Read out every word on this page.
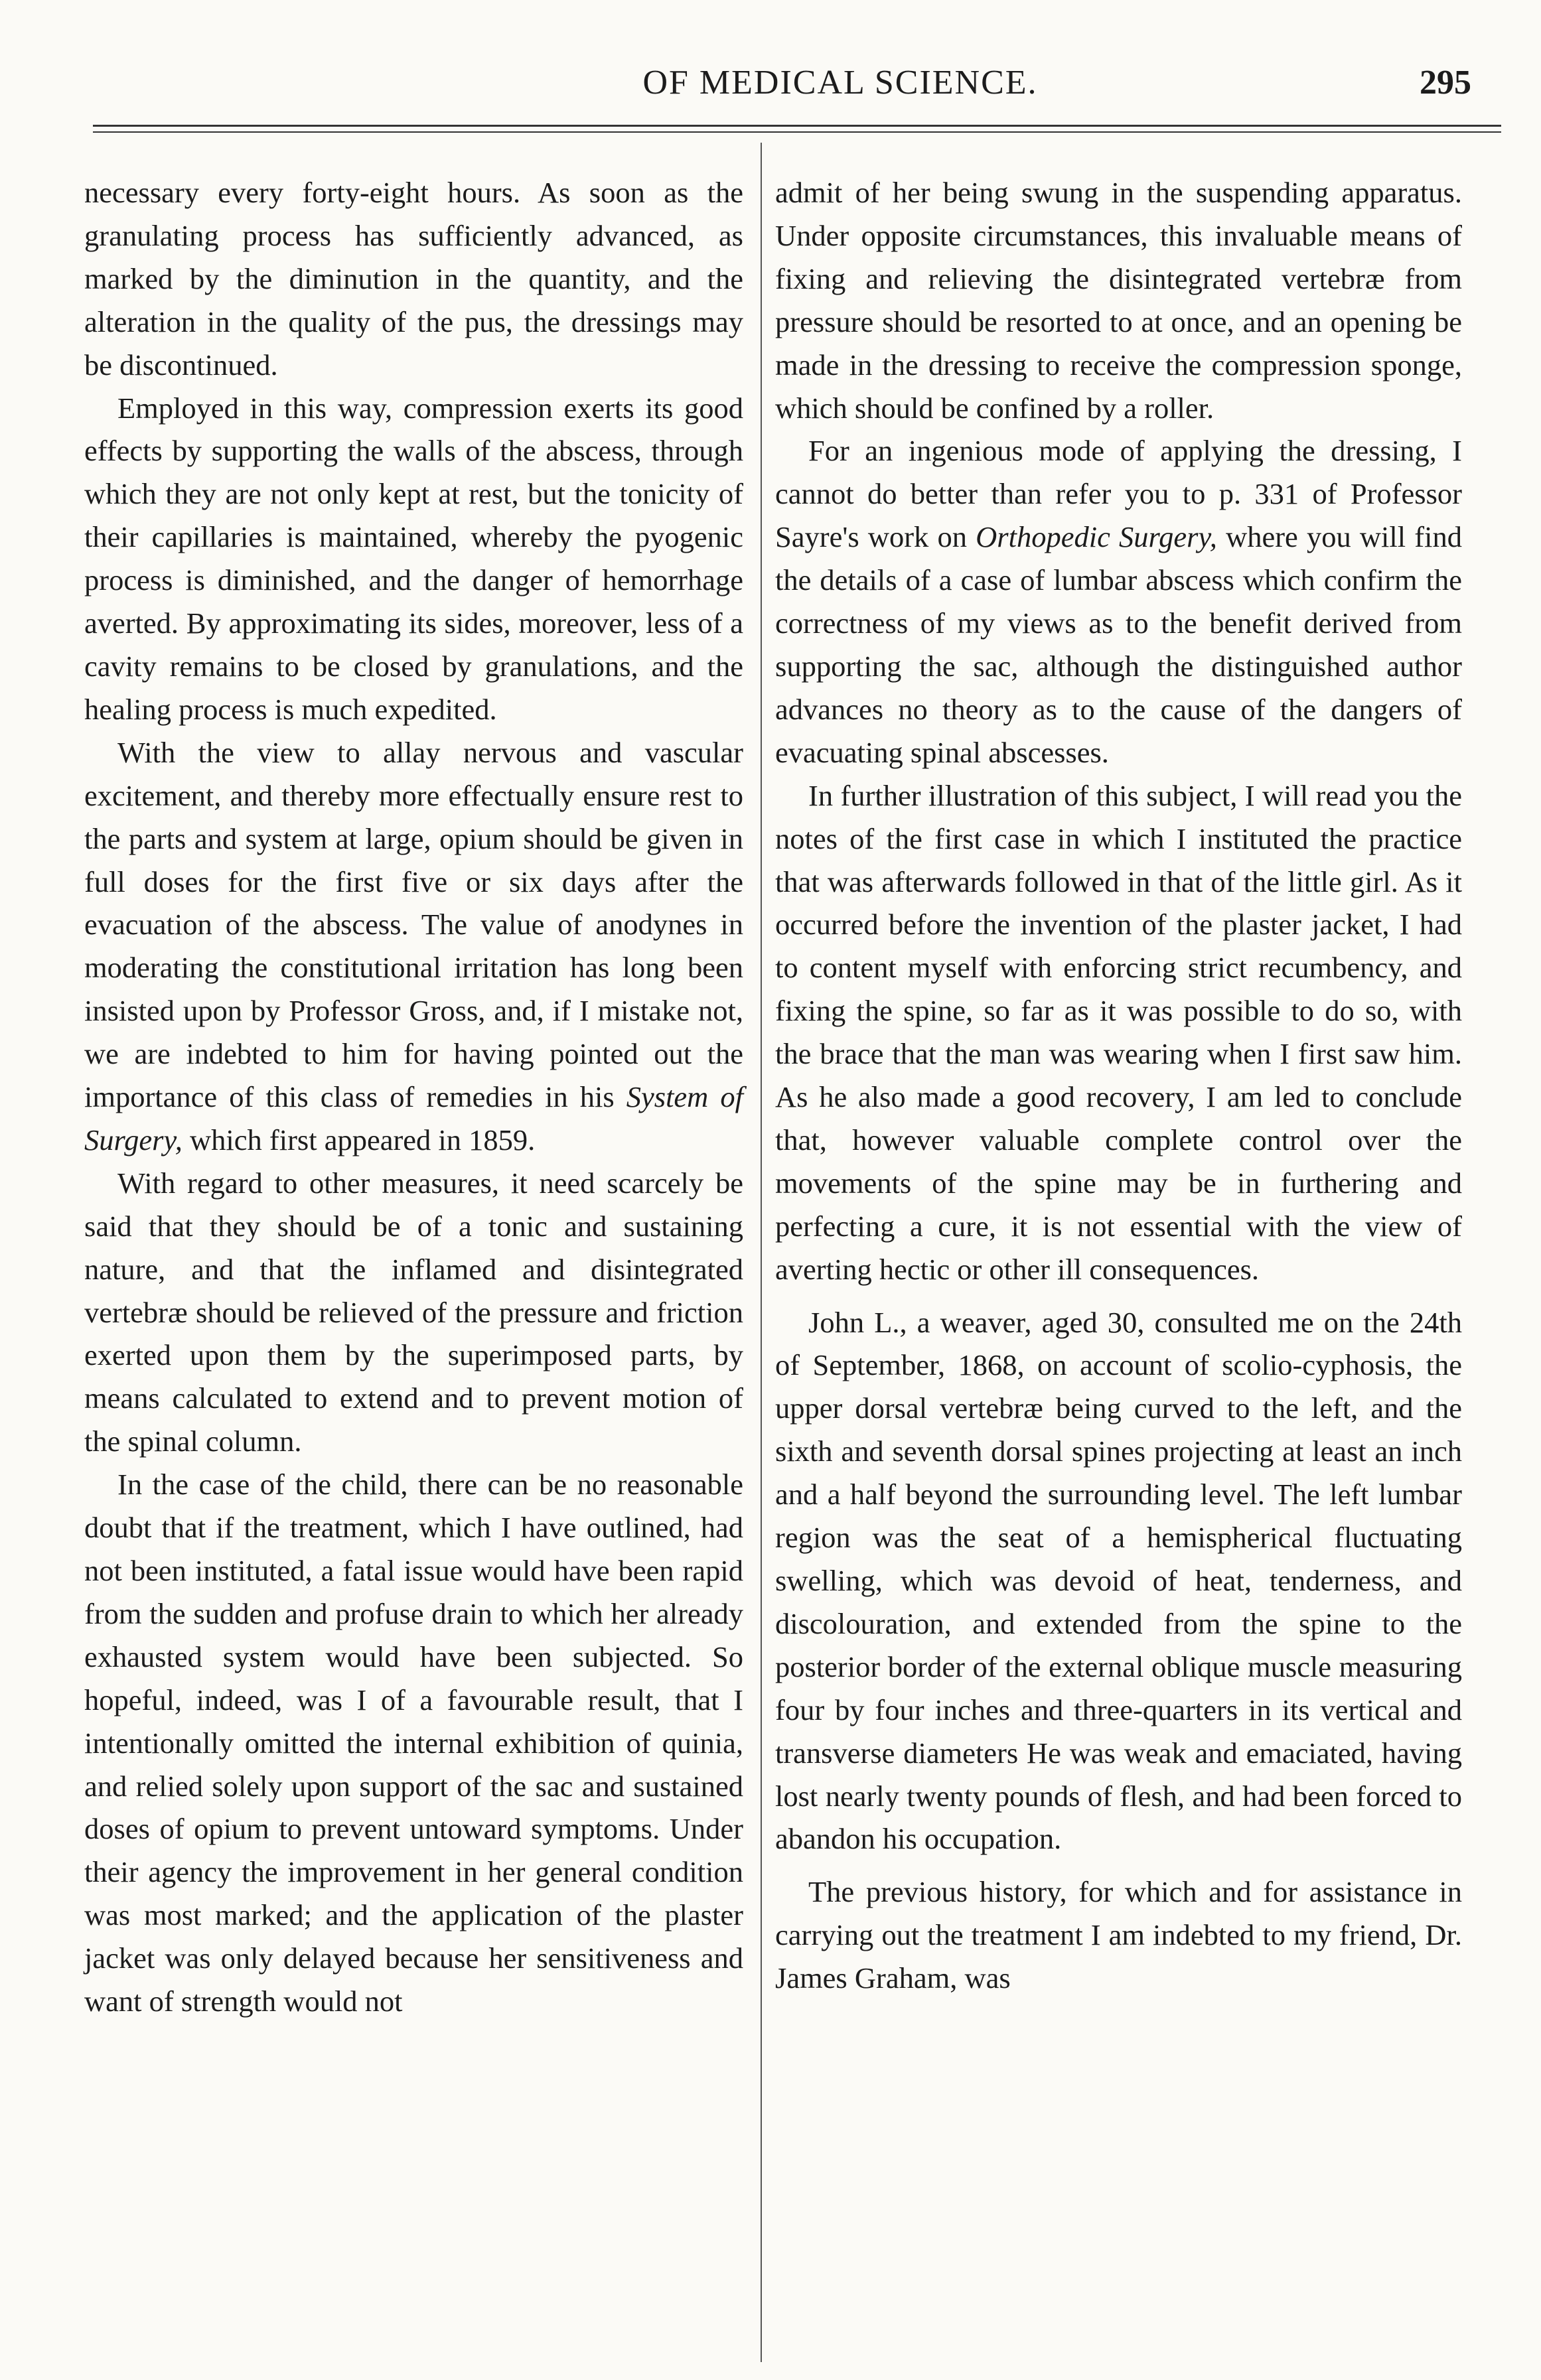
OF MEDICAL SCIENCE.	295

necessary every forty-eight hours. As soon as the granulating process has sufficiently advanced, as marked by the diminution in the quantity, and the alteration in the quality of the pus, the dressings may be discontinued.

Employed in this way, compression exerts its good effects by supporting the walls of the abscess, through which they are not only kept at rest, but the tonicity of their capillaries is maintained, whereby the pyogenic process is diminished, and the danger of hemorrhage averted. By approximating its sides, moreover, less of a cavity remains to be closed by granulations, and the healing process is much expedited.

With the view to allay nervous and vascular excitement, and thereby more effectually ensure rest to the parts and system at large, opium should be given in full doses for the first five or six days after the evacuation of the abscess. The value of anodynes in moderating the constitutional irritation has long been insisted upon by Professor Gross, and, if I mistake not, we are indebted to him for having pointed out the importance of this class of remedies in his System of Surgery, which first appeared in 1859.

With regard to other measures, it need scarcely be said that they should be of a tonic and sustaining nature, and that the inflamed and disintegrated vertebræ should be relieved of the pressure and friction exerted upon them by the superimposed parts, by means calculated to extend and to prevent motion of the spinal column.

In the case of the child, there can be no reasonable doubt that if the treatment, which I have outlined, had not been instituted, a fatal issue would have been rapid from the sudden and profuse drain to which her already exhausted system would have been subjected. So hopeful, indeed, was I of a favourable result, that I intentionally omitted the internal exhibition of quinia, and relied solely upon support of the sac and sustained doses of opium to prevent untoward symptoms. Under their agency the improvement in her general condition was most marked; and the application of the plaster jacket was only delayed because her sensitiveness and want of strength would not

admit of her being swung in the suspending apparatus. Under opposite circumstances, this invaluable means of fixing and relieving the disintegrated vertebræ from pressure should be resorted to at once, and an opening be made in the dressing to receive the compression sponge, which should be confined by a roller.

For an ingenious mode of applying the dressing, I cannot do better than refer you to p. 331 of Professor Sayre's work on Orthopedic Surgery, where you will find the details of a case of lumbar abscess which confirm the correctness of my views as to the benefit derived from supporting the sac, although the distinguished author advances no theory as to the cause of the dangers of evacuating spinal abscesses.

In further illustration of this subject, I will read you the notes of the first case in which I instituted the practice that was afterwards followed in that of the little girl. As it occurred before the invention of the plaster jacket, I had to content myself with enforcing strict recumbency, and fixing the spine, so far as it was possible to do so, with the brace that the man was wearing when I first saw him. As he also made a good recovery, I am led to conclude that, however valuable complete control over the movements of the spine may be in furthering and perfecting a cure, it is not essential with the view of averting hectic or other ill consequences.

John L., a weaver, aged 30, consulted me on the 24th of September, 1868, on account of scolio-cyphosis, the upper dorsal vertebræ being curved to the left, and the sixth and seventh dorsal spines projecting at least an inch and a half beyond the surrounding level. The left lumbar region was the seat of a hemispherical fluctuating swelling, which was devoid of heat, tenderness, and discolouration, and extended from the spine to the posterior border of the external oblique muscle measuring four by four inches and three-quarters in its vertical and transverse diameters He was weak and emaciated, having lost nearly twenty pounds of flesh, and had been forced to abandon his occupation.

The previous history, for which and for assistance in carrying out the treatment I am indebted to my friend, Dr. James Graham, was
